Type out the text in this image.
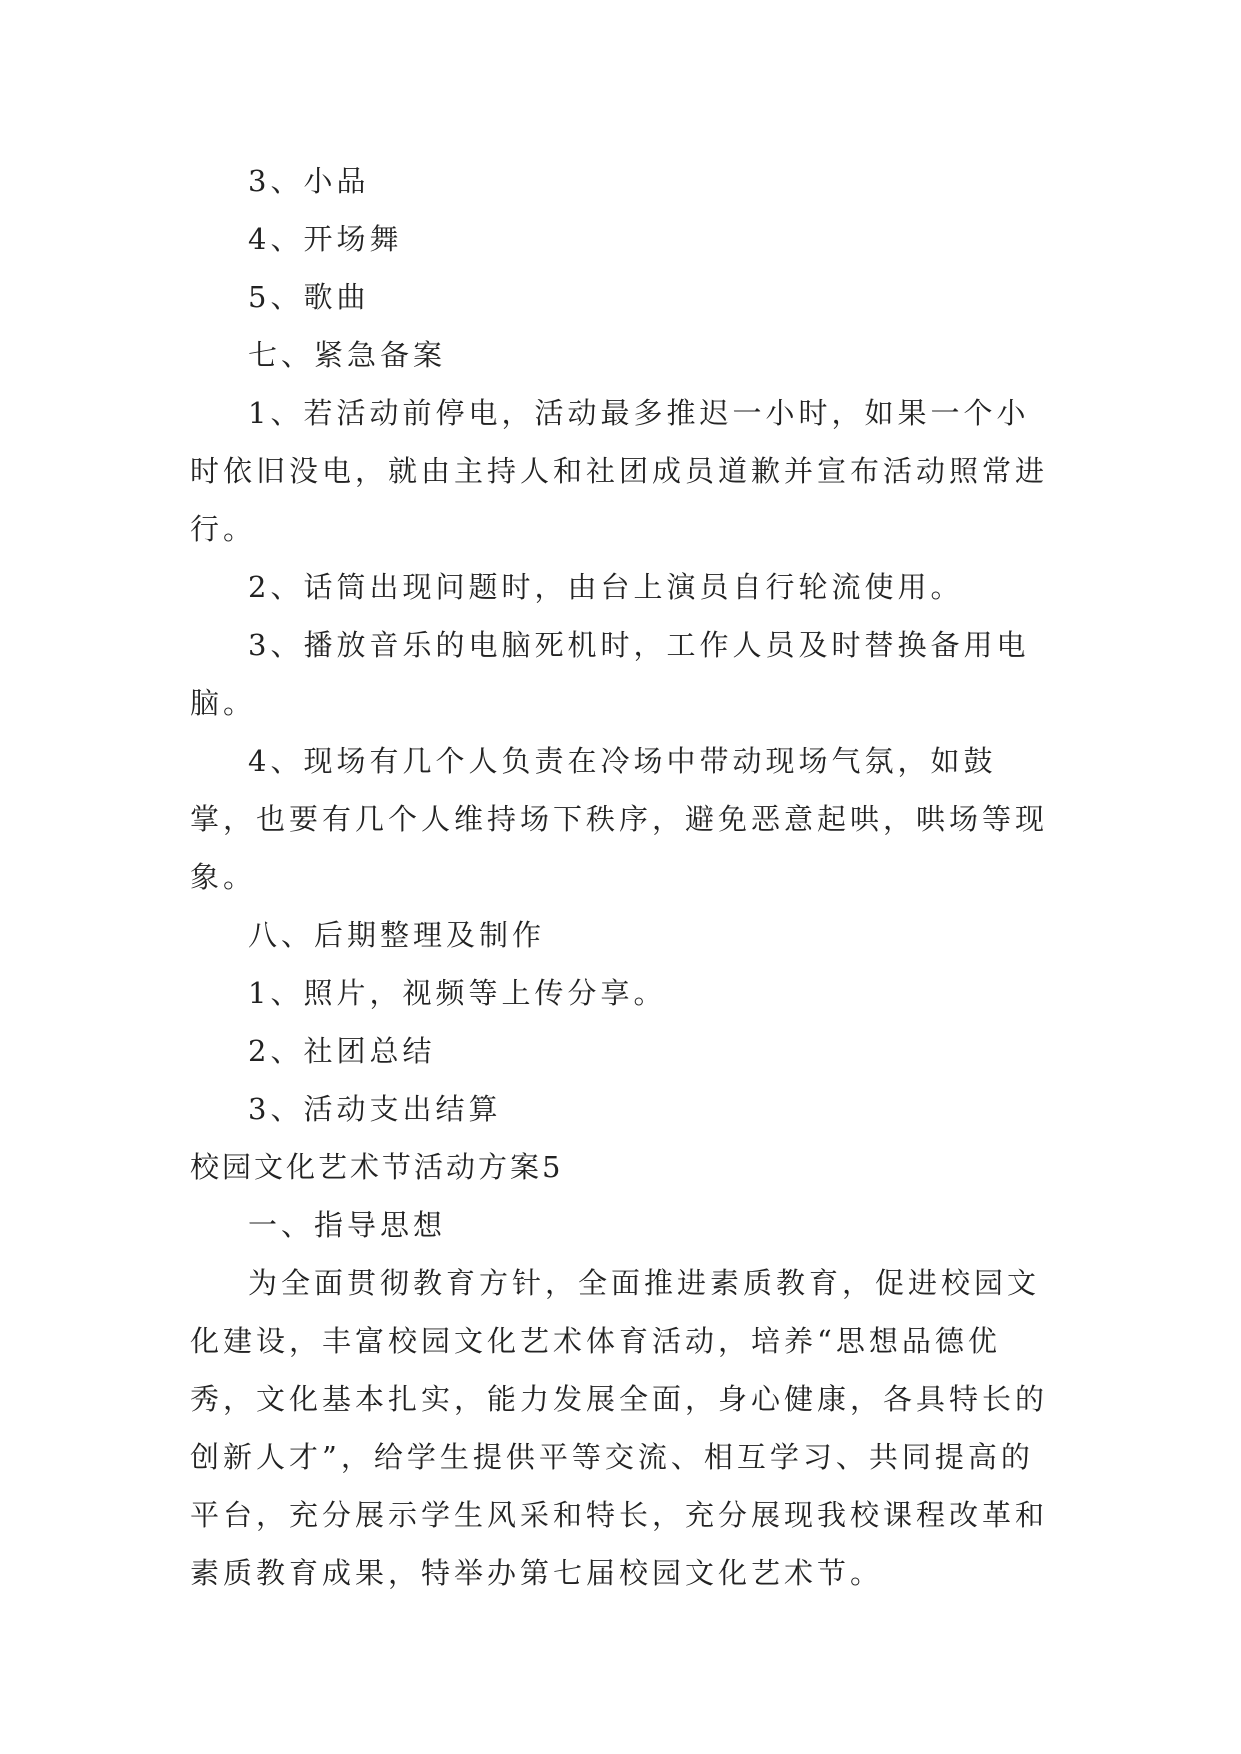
3、小品

4、开场舞

5、歌曲

七、紧急备案

1、若活动前停电，活动最多推迟一小时，如果一个小时依旧没电，就由主持人和社团成员道歉并宣布活动照常进行。

2、话筒出现问题时，由台上演员自行轮流使用。

3、播放音乐的电脑死机时，工作人员及时替换备用电脑。

4、现场有几个人负责在冷场中带动现场气氛，如鼓掌，也要有几个人维持场下秩序，避免恶意起哄，哄场等现象。

八、后期整理及制作

1、照片，视频等上传分享。

2、社团总结

3、活动支出结算

校园文化艺术节活动方案5

一、指导思想

为全面贯彻教育方针，全面推进素质教育，促进校园文化建设，丰富校园文化艺术体育活动，培养“思想品德优秀，文化基本扎实，能力发展全面，身心健康，各具特长的创新人才”，给学生提供平等交流、相互学习、共同提高的平台，充分展示学生风采和特长，充分展现我校课程改革和素质教育成果，特举办第七届校园文化艺术节。
